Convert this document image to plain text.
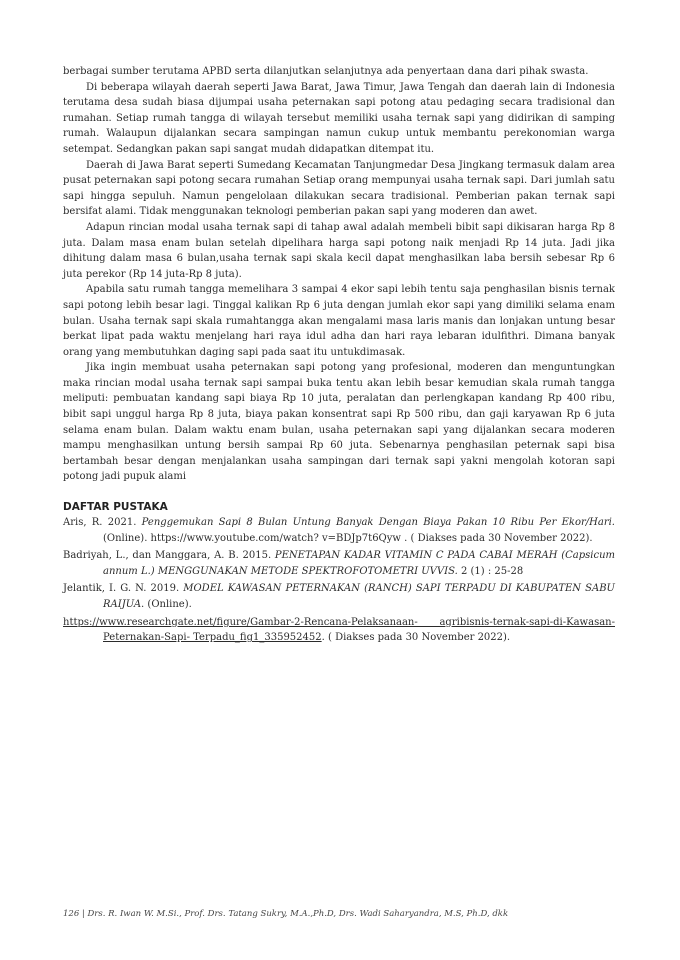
berbagai sumber terutama APBD serta dilanjutkan selanjutnya ada penyertaan dana dari pihak swasta.

Di beberapa wilayah daerah seperti Jawa Barat, Jawa Timur, Jawa Tengah dan daerah lain di Indonesia terutama desa sudah biasa dijumpai usaha peternakan sapi potong atau pedaging secara tradisional dan rumahan. Setiap rumah tangga di wilayah tersebut memiliki usaha ternak sapi yang didirikan di samping rumah. Walaupun dijalankan secara sampingan namun cukup untuk membantu perekonomian warga setempat. Sedangkan pakan sapi sangat mudah didapatkan ditempat itu.

Daerah di Jawa Barat seperti Sumedang Kecamatan Tanjungmedar Desa Jingkang termasuk dalam area pusat peternakan sapi potong secara rumahan Setiap orang mempunyai usaha ternak sapi. Dari jumlah satu sapi hingga sepuluh. Namun pengelolaan dilakukan secara tradisional. Pemberian pakan ternak sapi bersifat alami. Tidak menggunakan teknologi pemberian pakan sapi yang moderen dan awet.

Adapun rincian modal usaha ternak sapi di tahap awal adalah membeli bibit sapi dikisaran harga Rp 8 juta. Dalam masa enam bulan setelah dipelihara harga sapi potong naik menjadi Rp 14 juta. Jadi jika dihitung dalam masa 6 bulan,usaha ternak sapi skala kecil dapat menghasilkan laba bersih sebesar Rp 6 juta perekor (Rp 14 juta-Rp 8 juta).

Apabila satu rumah tangga memelihara 3 sampai 4 ekor sapi lebih tentu saja penghasilan bisnis ternak sapi potong lebih besar lagi. Tinggal kalikan Rp 6 juta dengan jumlah ekor sapi yang dimiliki selama enam bulan. Usaha ternak sapi skala rumahtangga akan mengalami masa laris manis dan lonjakan untung besar berkat lipat pada waktu menjelang hari raya idul adha dan hari raya lebaran idulfithri. Dimana banyak orang yang membutuhkan daging sapi pada saat itu untukdimasak.

Jika ingin membuat usaha peternakan sapi potong yang profesional, moderen dan menguntungkan maka rincian modal usaha ternak sapi sampai buka tentu akan lebih besar kemudian skala rumah tangga meliputi: pembuatan kandang sapi biaya Rp 10 juta, peralatan dan perlengkapan kandang Rp 400 ribu, bibit sapi unggul harga Rp 8 juta, biaya pakan konsentrat sapi Rp 500 ribu, dan gaji karyawan Rp 6 juta selama enam bulan. Dalam waktu enam bulan, usaha peternakan sapi yang dijalankan secara moderen mampu menghasilkan untung bersih sampai Rp 60 juta. Sebenarnya penghasilan peternak sapi bisa bertambah besar dengan menjalankan usaha sampingan dari ternak sapi yakni mengolah kotoran sapi potong jadi pupuk alami

DAFTAR PUSTAKA

Aris, R. 2021. Penggemukan Sapi 8 Bulan Untung Banyak Dengan Biaya Pakan 10 Ribu Per Ekor/Hari. (Online). https://www.youtube.com/watch? v=BDJp7t6Qyw . ( Diakses pada 30 November 2022).

Badriyah, L., dan Manggara, A. B. 2015. PENETAPAN KADAR VITAMIN C PADA CABAI MERAH (Capsicum annum L.) MENGGUNAKAN METODE SPEKTROFOTOMETRI UVVIS. 2 (1) : 25-28

Jelantik, I. G. N. 2019. MODEL KAWASAN PETERNAKAN (RANCH) SAPI TERPADU DI KABUPATEN SABU RAIJUA. (Online).

https://www.researchgate.net/figure/Gambar-2-Rencana-Pelaksanaan- agribisnis-ternak-sapi-di-Kawasan-Peternakan-Sapi- Terpadu_fig1_335952452. ( Diakses pada 30 November 2022).

126 | Drs. R. Iwan W. M.Si., Prof. Drs. Tatang Sukry, M.A.,Ph.D, Drs. Wadi Saharyandra, M.S, Ph.D, dkk
